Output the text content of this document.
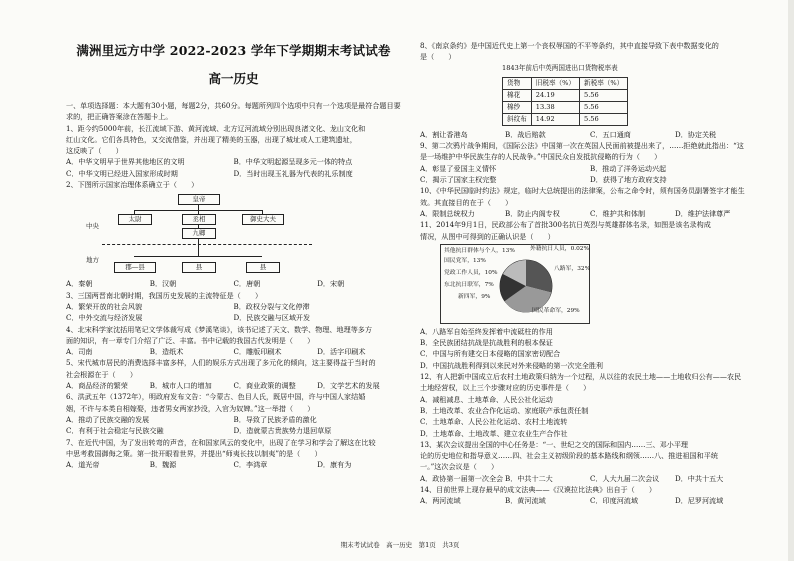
满洲里远方中学 2022-2023 学年下学期期末考试试卷
高一历史
一、单项选择题：本大题有30小题，每题2分，共60分。每题所列四个选项中只有一个选项是最符合题目要求的，把正确答案涂在答题卡上。
1、距今约5000年前，长江流域下游、黄河流域、北方辽河流域分别出现良渚文化、龙山文化和
红山文化。它们各具特色，又交流借鉴，并出现了精美的玉器，出现了城址或人工建筑遗址，
这反映了（　　）
A．中华文明早于世界其他地区的文明	B．中华文明起源呈现多元一体的特点
C．中华文明已经进入国家形成时期	D．当时出现玉礼器为代表的礼乐制度
2、下图所示国家治理体系确立于（　　）
皇帝
中央
太尉	丞相	御史大夫
九卿
地方
郡—县	县	县
A．秦朝	B．汉朝	C．唐朝	D．宋朝
3、三国两晋南北朝时期，我国历史发展的主流特征是（　　）
A．繁荣开放的社会风貌	B．政权分裂与文化停滞
C．中外交流与经济发展	D．民族交融与区域开发
4、北宋科学家沈括用笔记文学体裁写成《梦溪笔谈》，该书记述了天文、数学、物理、地理等多方
面的知识，有一章专门介绍了广泛、丰富。书中记载的我国古代发明是（　　）
A．司南	B．造纸术	C．雕版印刷术	D．活字印刷术
5、宋代城市居民的消费选择丰富多样，人们的娱乐方式出现了多元化的倾向，这主要得益于当时的
社会根源在于（　　）
A．商品经济的繁荣	B．城市人口的增加	C．商业政策的调整	D．文学艺术的发展
6、洪武五年（1372年），明政府发布文告：“今蒙古、色目人氏，既居中国，许与中国人家结婚
姻，不许与本类自相嫁娶，违者男女两家抄没，入官为奴婢。”这一举措（　　）
A．推动了民族交融的发展	B．导致了民族矛盾的激化
C．有利于社会稳定与民族交融	D．造就蒙古贵族势力退回草原
7、在近代中国，为了发出转弯的声音，在和国家风云的变化中，出现了在学习和学会了解这在比较
中思考救国御侮之策。第一批开眼看世界，并提出“师夷长技以制夷”的是（　　）
A．道光帝	B．魏源	C．李鸿章	D．康有为
8、《南京条约》是中国近代史上第一个丧权辱国的不平等条约，其中直接导致下表中数据变化的
是（　　）
1843年前后中英两国进出口货物税率表
货物	旧税率（%）	新税率（%）
棉花	24.19	5.56
棉纱	13.38	5.56
斜纹布	14.92	5.56
A．割让香港岛	B．战后赔款	C．五口通商	D．协定关税
9、第二次鸦片战争期间，《国际公法》中国第一次在英国人民面前被提出来了，……拒绝就此指出：“这
是一场维护中华民族生存的人民战争。”中国民众自发抵抗侵略的行为（　　）
A．彰显了爱国主义情怀	B．推动了洋务运动兴起
C．揭示了国家主权完整	D．获得了地方政府支持
10、《中华民国临时约法》规定，临时大总统提出的法律案，公布之命令时，须有国务员副署签字才能生
效。其直接目的在于（　　）
A．限制总统权力	B．防止内阁专权	C．维护共和体制	D．维护法律尊严
11、2014年9月1日，民政部公布了首批300名抗日英烈与英雄群体名录，如图是该名录构成
情况，从图中可得到的正确认识是（　　）
其他抗日群体与个人，13%	外籍抗日人员，0.02%
八路军，32%
国民党军，13%
党政工作人员，10%
东北抗日联军，7%
新四军，9%
国民革命军，29%
A．八路军自始至终发挥着中流砥柱的作用
B．全民族团结抗战是抗战胜利的根本保证
C．中国与所有建交日本侵略的国家密切配合
D．中国抗战胜利得到以来民对外来侵略的第一次完全胜利
12、有人把新中国成立后农村土地政策归纳为一个过程，从以往的农民土地——土地收归公有——农民
土地经营权，以上三个步骤对应的历史事件是（　　）
A．减租减息、土地革命、人民公社化运动
B．土地改革、农业合作化运动、家庭联产承包责任制
C．土地革命、人民公社化运动、农村土地流转
D．土地革命、土地改革、建立农业生产合作社
13、某次会议提出全国的中心任务是：“一、世纪之交的国际和国内……三、邓小平理
论的历史地位和指导意义……四、社会主义初级阶段的基本路线和纲领……八、推进祖国和平统
一。”这次会议是（　　）
A．政协第一届第一次全会 B．中共十二大	C．人大九届二次会议	D．中共十五大
14、目前世界上现存最早的成文法典——《汉谟拉比法典》出自于（　　）
A．两河流域	B．黄河流域	C．印度河流域	D．尼罗河流域
期末考试试卷　高一历史　第1页　共3页
